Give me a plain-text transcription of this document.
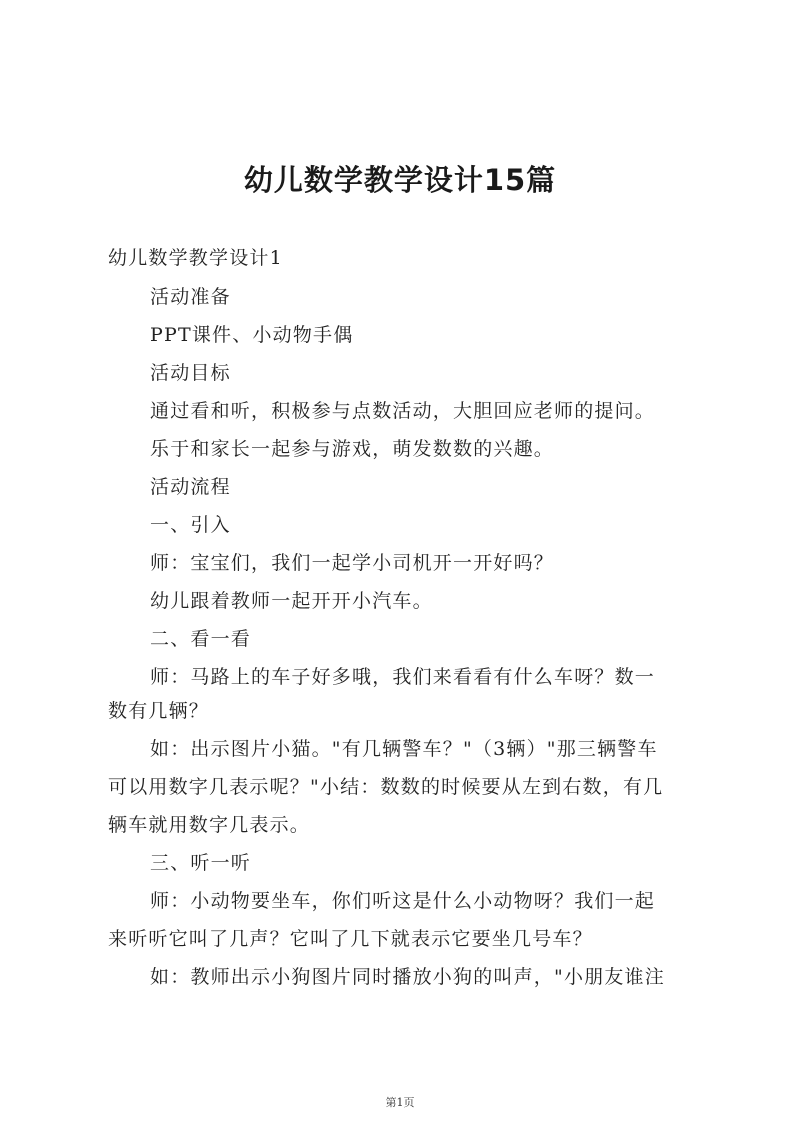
幼儿数学教学设计15篇
幼儿数学教学设计1
活动准备
PPT课件、小动物手偶
活动目标
通过看和听，积极参与点数活动，大胆回应老师的提问。
乐于和家长一起参与游戏，萌发数数的兴趣。
活动流程
一、引入
师：宝宝们，我们一起学小司机开一开好吗？
幼儿跟着教师一起开开小汽车。
二、看一看
师：马路上的车子好多哦，我们来看看有什么车呀？数一
数有几辆？
如：出示图片小猫。"有几辆警车？"（3辆）"那三辆警车
可以用数字几表示呢？"小结：数数的时候要从左到右数，有几
辆车就用数字几表示。
三、听一听
师：小动物要坐车，你们听这是什么小动物呀？我们一起
来听听它叫了几声？它叫了几下就表示它要坐几号车？
如：教师出示小狗图片同时播放小狗的叫声，"小朋友谁注
第1页
